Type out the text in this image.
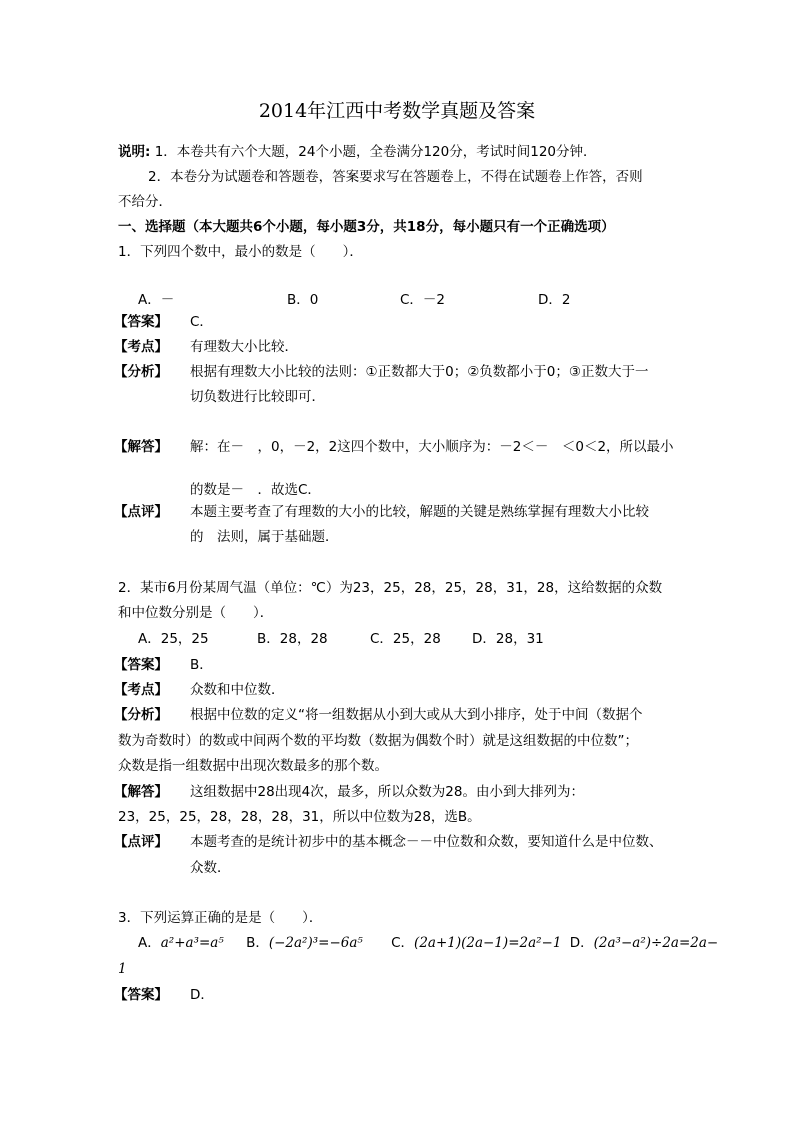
2014年江西中考数学真题及答案
说明: 1．本卷共有六个大题，24个小题，全卷满分120分，考试时间120分钟．
2．本卷分为试题卷和答题卷，答案要求写在答题卷上，不得在试题卷上作答，否则
不给分．
一、选择题（本大题共6个小题，每小题3分，共18分，每小题只有一个正确选项）
1．下列四个数中，最小的数是（　　）．
A．－	B．0	C．－2	D．2
【答案】 C．
【考点】 有理数大小比较．
【分析】 根据有理数大小比较的法则：①正数都大于0；②负数都小于0；③正数大于一
切负数进行比较即可．
【解答】 解：在－　，0，－2，2这四个数中，大小顺序为：－2＜－　＜0＜2，所以最小
的数是－　．故选C．
【点评】 本题主要考查了有理数的大小的比较，解题的关键是熟练掌握有理数大小比较
的　法则，属于基础题．
2．某市6月份某周气温（单位：℃）为23，25，28，25，28，31，28，这给数据的众数
和中位数分别是（　　）．
A．25，25	B．28，28	C．25，28 D．28，31
【答案】 B．
【考点】 众数和中位数．
【分析】 根据中位数的定义“将一组数据从小到大或从大到小排序，处于中间（数据个
数为奇数时）的数或中间两个数的平均数（数据为偶数个时）就是这组数据的中位数”；
众数是指一组数据中出现次数最多的那个数。
【解答】 这组数据中28出现4次，最多，所以众数为28。由小到大排列为：
23，25，25，28，28，28，31，所以中位数为28，选B。
【点评】 本题考查的是统计初步中的基本概念－－中位数和众数，要知道什么是中位数、
众数．
3．下列运算正确的是是（　　）．
A．a²+a³=a⁵ B．(−2a²)³=−6a⁵ C．(2a+1)(2a−1)=2a²−1 D．(2a³−a²)÷2a=2a−
1
【答案】 D．
